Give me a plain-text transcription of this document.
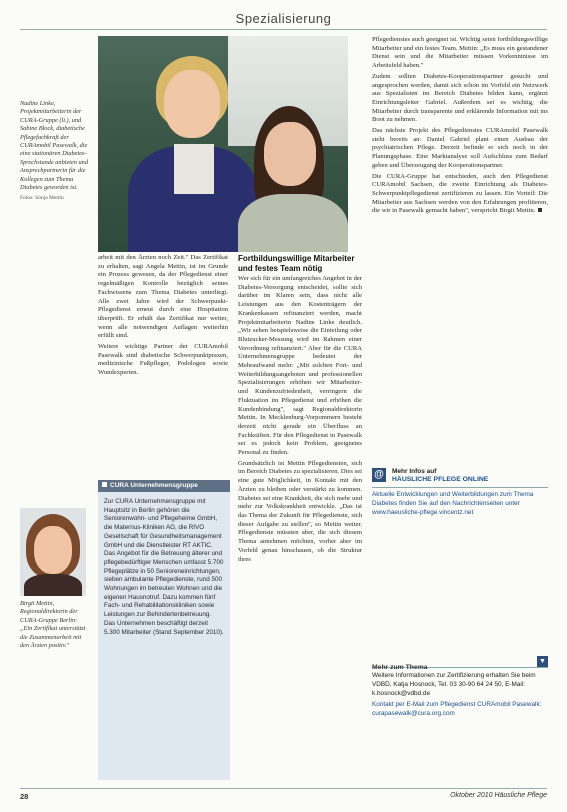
Spezialisierung
Nadine Linke, Projektmitarbeiterin der CURA-Gruppe (li.), und Sabine Block, diabetische Pflegefachkraft der CURAmobil Pasewalk, die eine stationären Diabetes-Sprechstunde anbieten und Ansprechpartnerin für die Kollegen zum Thema Diabetes geworden ist.
Fotos: Sonja Mettin

arbeit mit den Ärzten noch Zeit." Das Zertifikat zu erhalten, sagt Angela Mettin, ist im Grunde ein Prozess gewesen, da der Pflegedienst einer regelmäßigen Kontrolle bezüglich seines Fachwissens zum Thema Diabetes unterliegt. Alle zwei Jahre wird der Schwerpunkt-Pflegedienst erneut durch eine Hospitation überprüft. Er erhält das Zertifikat nur weiter, wenn alle notwendigen Auflagen weiterhin erfüllt sind.

Weitere wichtige Partner der CURAmobil Pasewalk sind diabetische Schwerpunktpraxen, medizinische Fußpfleger, Podologen sowie Wundexperten.

CURA Unternehmensgruppe
Zur CURA Unternehmensgruppe mit Hauptsitz in Berlin gehören die Seniorenwohn- und Pflegeheime GmbH, die Maternus-Kliniken AG, die RIVO Gesellschaft für Gesundheitsmanagement GmbH und die Dienstleister RT AKTIC. Das Angebot für die Betreuung älterer und pflegebedürftiger Menschen umfasst 5.700 Pflegeplätze in 50 Senioreneinrichtungen, sieben ambulante Pflegedienste, rund 500 Wohnungen im betreuten Wohnen und die eigenen Hausnotruf. Dazu kommen fünf Fach- und Rehabilitationskliniken sowie Leistungen zur Behindertenbetreuung. Das Unternehmen beschäftigt derzeit 5.300 Mitarbeiter (Stand September 2010).
Birgit Mettin, Regionaldirektorin der CURA-Gruppe Berlin: „Ein Zertifikat unterstützt die Zusammenarbeit mit den Ärzten positiv."
Fortbildungswillige Mitarbeiter und festes Team nötig

Wer sich für ein umfangreiches Angebot in der Diabetes-Versorgung entscheidet, sollte sich darüber im Klaren sein, dass nicht alle Leistungen aus den Kostenträgern der Krankenkassen refinanziert werden, macht Projektmitarbeiterin Nadine Linke deutlich. „Wir sehen beispielsweise die Einteilung oder Blutzucker-Messung wird im Rahmen einer Verordnung refinanziert." Aber für die CURA Unternehmensgruppe bedeutet der Mehraufwand mehr: „Mit solchen Fort- und Weiterbildungsangeboten und professionellen Spezialisierungen erhöhen wir Mitarbeiter- und Kundenzufriedenheit, verringern die Fluktuation im Pflegedienst und erhöhen die Kundenbindung", sagt Regionaldirektorin Mettin. In Mecklenburg-Vorpommern besteht derzeit nicht gerade ein Überfluss an Fachkräften. Für den Pflegedienst in Pasewalk sei es jedoch kein Problem, geeignetes Personal zu finden.

Grundsätzlich ist Mettin Pflegediensten, sich im Bereich Diabetes zu spezialisieren. Dies sei eine gute Möglichkeit, in Kontakt mit den Ärzten zu bleiben oder verstärkt zu kommen. Diabetes sei eine Krankheit, die sich mehr und mehr zur Volkskrankheit entwickle. „Das ist das Thema der Zukunft für Pflegedienste, sich dieser Aufgabe zu stellen", so Mettin weiter. Pflegedienste müssten aber, die sich diesem Thema annehmen möchten, vorher aber im Vorfeld genau hinschauen, ob die Struktur ihres

Pflegedienstes auch geeignet ist. Wichtig seien fortbildungswillige Mitarbeiter und ein festes Team. Mettin: „Es muss ein gestandener Dienst sein und die Mitarbeiter müssen Vorkenntnisse im Arbeitsfeld haben."

Zudem sollten Diabetes-Kooperationspartner gesucht und angesprochen werden, damit sich schon im Vorfeld ein Netzwerk aus Spezialisten im Bereich Diabetes bilden kann, ergänzt Einrichtungsleiter Gabriel. Außerdem sei es wichtig, die Mitarbeiter durch transparente und erklärende Information mit ins Boot zu nehmen.

Das nächste Projekt des Pflegedienstes CURAmobil Pasewalk steht bereits an: Daniel Gabriel plant einen Ausbau der psychiatrischen Pflege. Derzeit befinde er sich noch in der Planungsphase. Eine Marktanalyse soll Aufschluss zum Bedarf geben und Überzeugung der Kooperationspartner.

Die CURA-Gruppe hat entschieden, auch den Pflegedienst CURAmobil Sachsen, die zweite Einrichtung als Diabetes-Schwerpunktpflegedienst zertifizieren zu lassen. Ein Vorteil: Die Mitarbeiter aus Sachsen werden von den Erfahrungen profitieren, die wir in Pasewalk gemacht haben", verspricht Birgit Mettin.

@	Mehr Infos auf
HÄUSLICHE PFLEGE ONLINE
Aktuelle Entwicklungen und Weiterbildungen zum Thema Diabetes finden Sie auf den Nachrichtenseiten unter www.haeusliche-pflege.vincentz.net
Mehr zum Thema
▼
Weitere Informationen zur Zertifizierung erhalten Sie beim VDBD, Katja Hosnock, Tel. 03 30-90 64 24 50, E-Mail: k.hosnock@vdbd.de
Kontakt per E-Mail zum Pflegedienst CURAmobil Pasewalk: curapasewalk@cura.org.com
28	Oktober 2010 Häusliche Pflege
